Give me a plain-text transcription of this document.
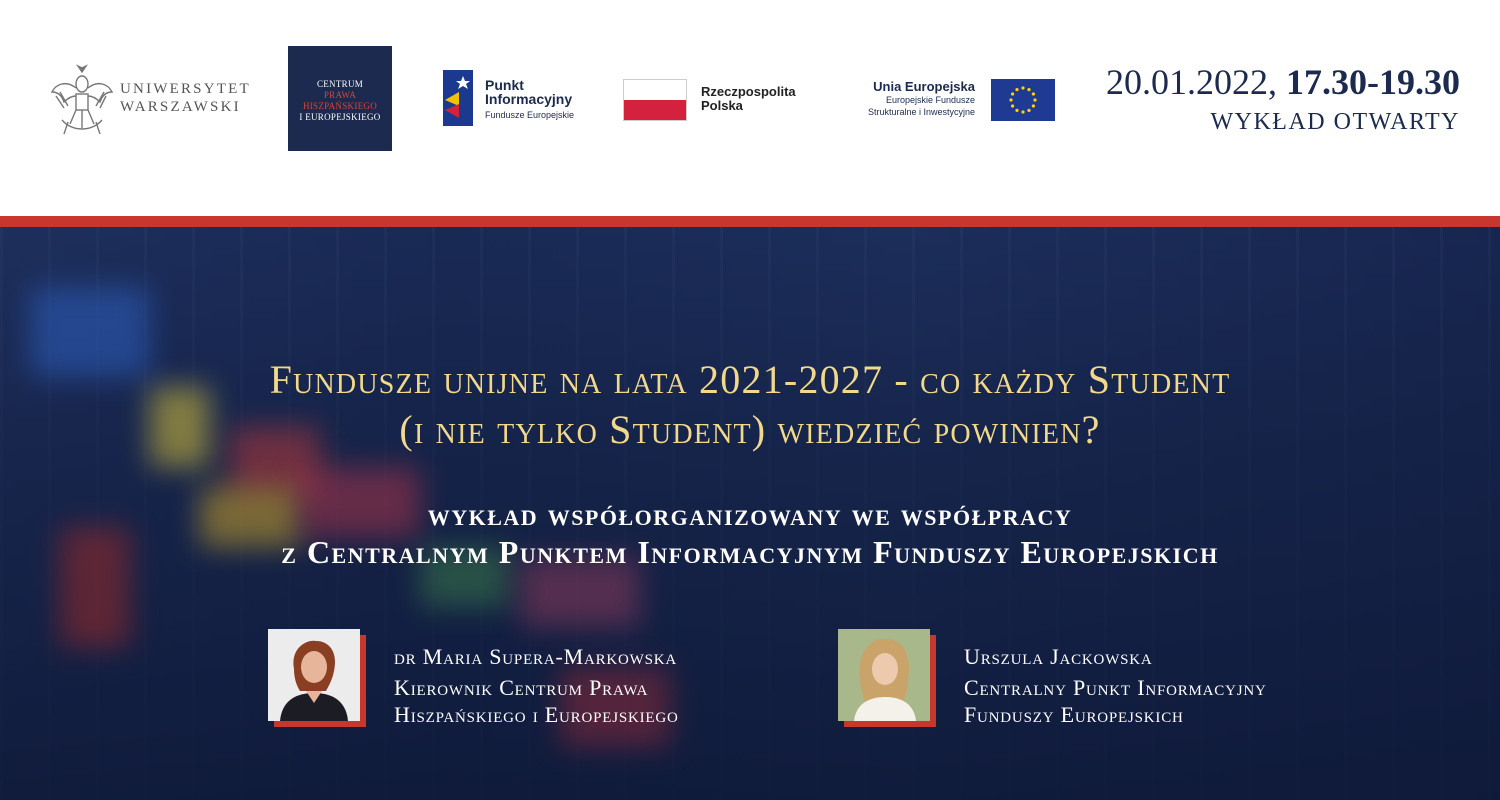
UNIWERSYTET
WARSZAWSKI
CENTRUM
PRAWA
HISZPAŃSKIEGO
I EUROPEJSKIEGO
Punkt
Informacyjny
Fundusze Europejskie
Rzeczpospolita
Polska
Unia Europejska
Europejskie Fundusze
Strukturalne i Inwestycyjne
20.01.2022, 17.30-19.30
WYKŁAD OTWARTY
Fundusze unijne na lata 2021-2027 - co każdy Student
(i nie tylko Student) wiedzieć powinien?
wykład współorganizowany we współpracy
z Centralnym Punktem Informacyjnym Funduszy Europejskich
dr Maria Supera-Markowska
Kierownik Centrum Prawa
Hiszpańskiego i Europejskiego
Urszula Jackowska
Centralny Punkt Informacyjny
Funduszy Europejskich
